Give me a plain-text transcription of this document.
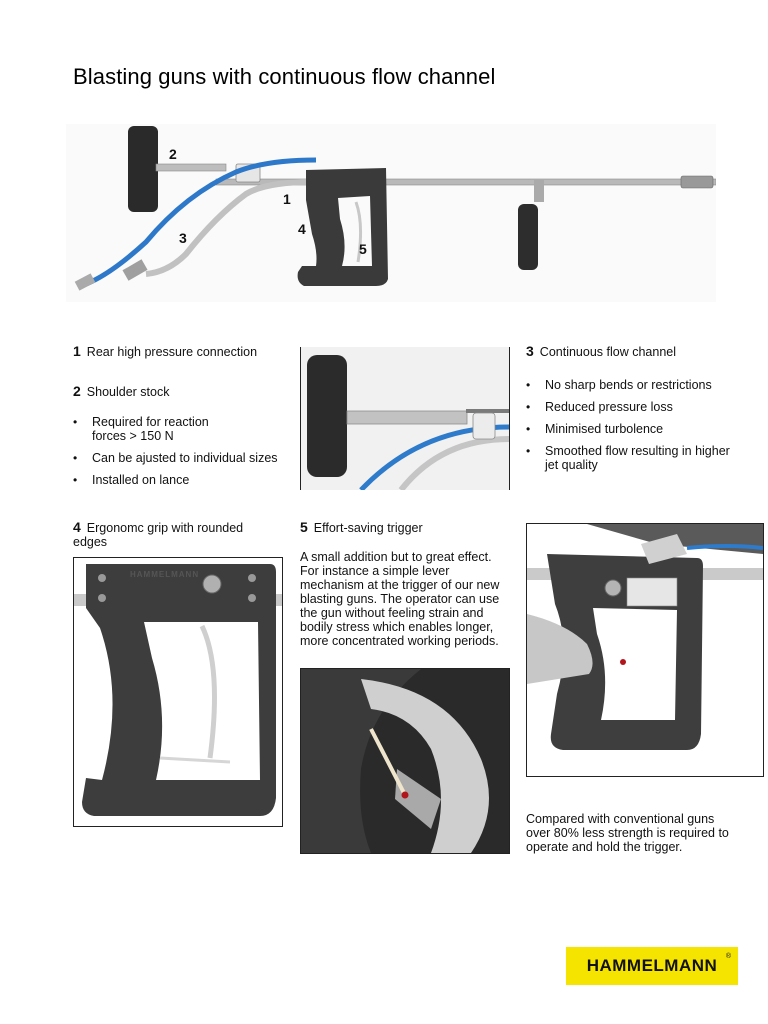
Blasting guns with continuous flow channel
2
1
4
3
5
1 Rear high pressure connection
2 Shoulder stock
• Required for reaction forces > 150 N
• Can be ajusted to individual sizes
• Installed on lance
3 Continuous flow channel
• No sharp bends or restrictions
• Reduced pressure loss
• Minimised turbolence
• Smoothed flow resulting in higher jet quality
4 Ergonomc grip with rounded edges
HAMMELMANN
5 Effort-saving trigger
A small addition but to great effect. For instance a simple lever mechanism at the trigger of our new blasting guns. The operator can use the gun without feeling strain and bodily stress which enables longer, more concentrated working periods.
Compared with conventional guns over 80% less strength is required to operate and hold the trigger.
HAMMELMANN ®
